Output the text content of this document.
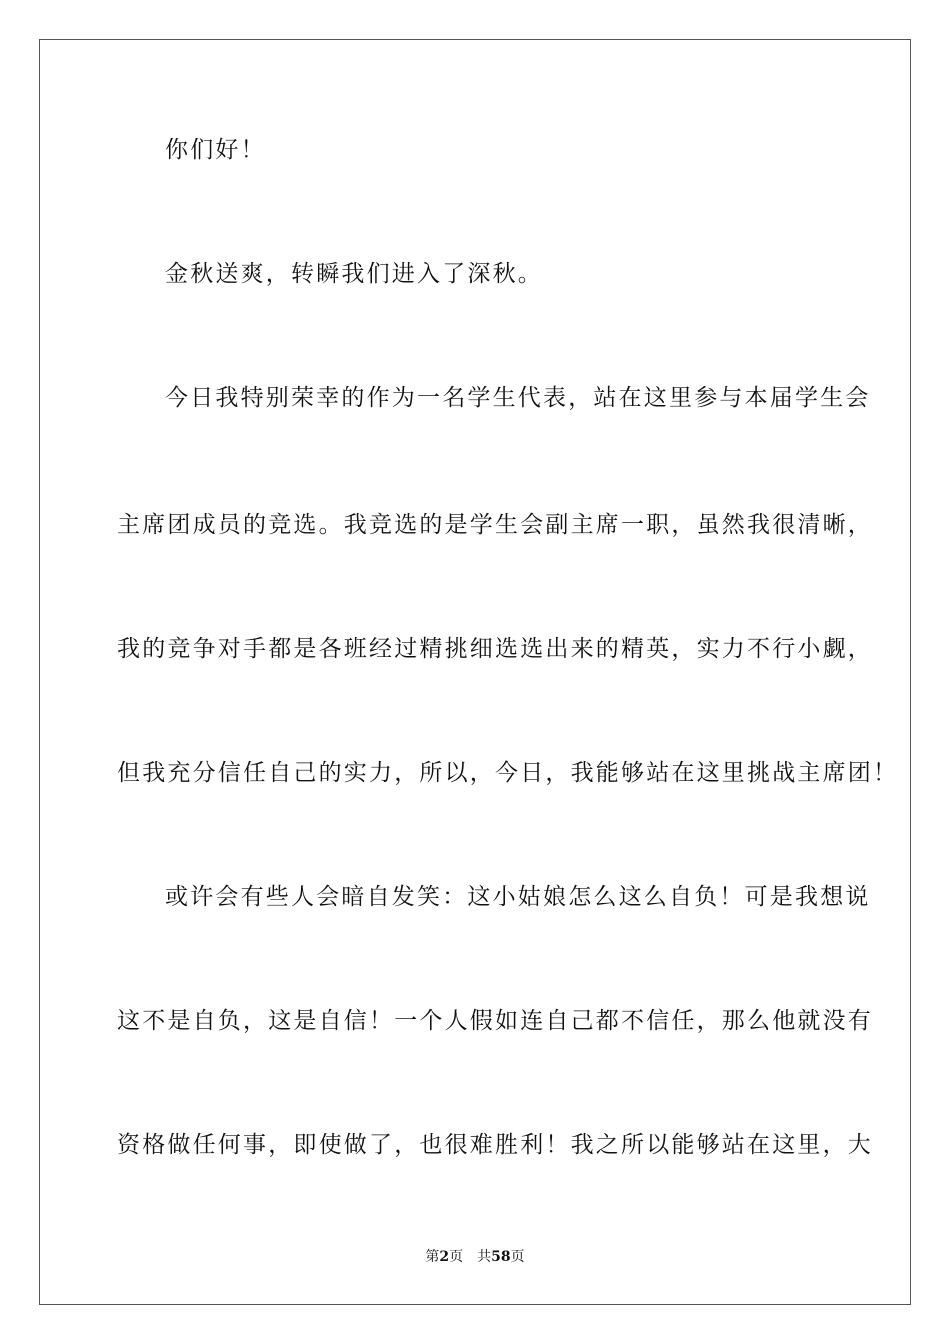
你们好！
金秋送爽，转瞬我们进入了深秋。
今日我特别荣幸的作为一名学生代表，站在这里参与本届学生会
主席团成员的竞选。我竞选的是学生会副主席一职，虽然我很清晰，
我的竞争对手都是各班经过精挑细选选出来的精英，实力不行小觑，
但我充分信任自己的实力，所以，今日，我能够站在这里挑战主席团！
或许会有些人会暗自发笑：这小姑娘怎么这么自负！可是我想说
这不是自负，这是自信！一个人假如连自己都不信任，那么他就没有
资格做任何事，即使做了，也很难胜利！我之所以能够站在这里，大
第2页 共58页
